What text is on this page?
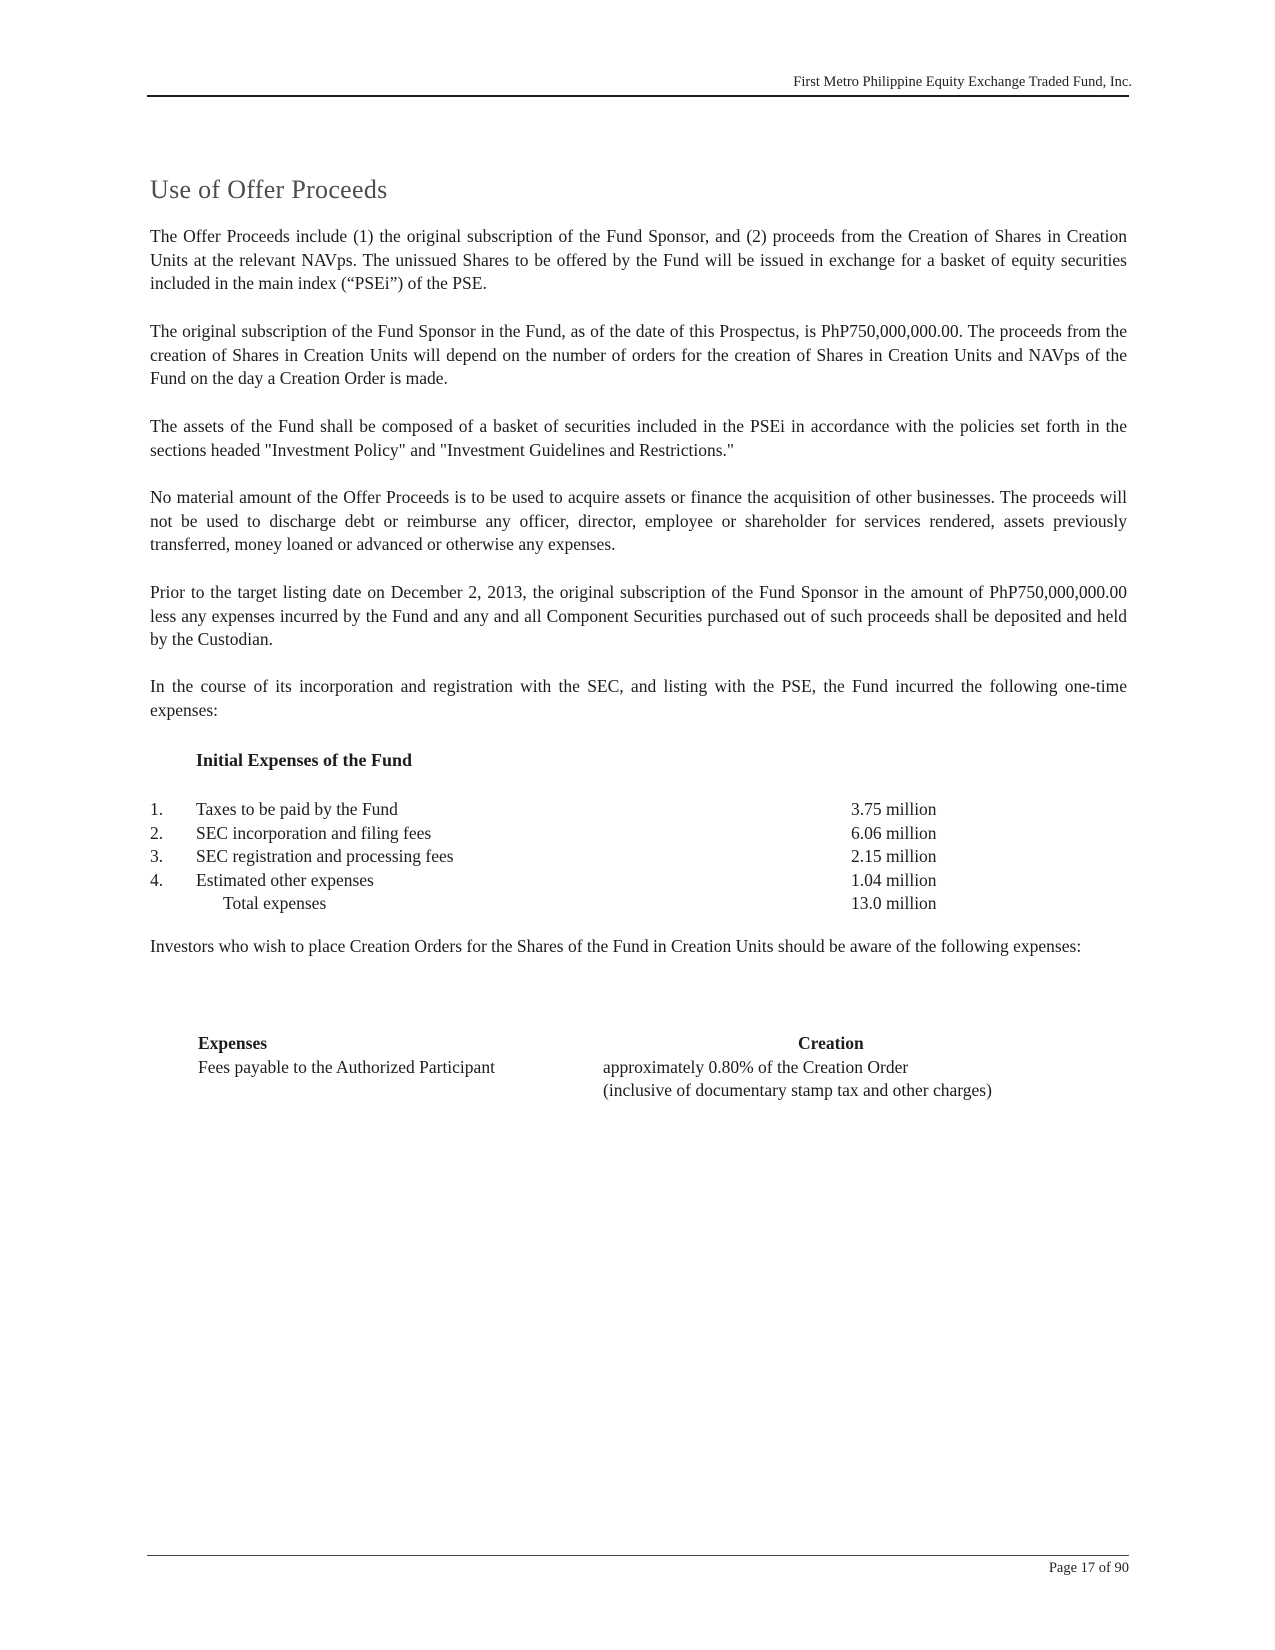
First Metro Philippine Equity Exchange Traded Fund, Inc.
Use of Offer Proceeds

The Offer Proceeds include (1) the original subscription of the Fund Sponsor, and (2) proceeds from the Creation of Shares in Creation Units at the relevant NAVps. The unissued Shares to be offered by the Fund will be issued in exchange for a basket of equity securities included in the main index (“PSEi”) of the PSE.

The original subscription of the Fund Sponsor in the Fund, as of the date of this Prospectus, is PhP750,000,000.00. The proceeds from the creation of Shares in Creation Units will depend on the number of orders for the creation of Shares in Creation Units and NAVps of the Fund on the day a Creation Order is made.

The assets of the Fund shall be composed of a basket of securities included in the PSEi in accordance with the policies set forth in the sections headed "Investment Policy" and "Investment Guidelines and Restrictions."

No material amount of the Offer Proceeds is to be used to acquire assets or finance the acquisition of other businesses. The proceeds will not be used to discharge debt or reimburse any officer, director, employee or shareholder for services rendered, assets previously transferred, money loaned or advanced or otherwise any expenses.

Prior to the target listing date on December 2, 2013, the original subscription of the Fund Sponsor in the amount of PhP750,000,000.00 less any expenses incurred by the Fund and any and all Component Securities purchased out of such proceeds shall be deposited and held by the Custodian.

In the course of its incorporation and registration with the SEC, and listing with the PSE, the Fund incurred the following one-time expenses:

Initial Expenses of the Fund
1. Taxes to be paid by the Fund	3.75 million
2. SEC incorporation and filing fees	6.06 million
3. SEC registration and processing fees	2.15 million
4. Estimated other expenses	1.04 million
Total expenses	13.0 million

Investors who wish to place Creation Orders for the Shares of the Fund in Creation Units should be aware of the following expenses:

Expenses	Creation
Fees payable to the Authorized Participant	approximately 0.80% of the Creation Order
(inclusive of documentary stamp tax and other charges)
Page 17 of 90
